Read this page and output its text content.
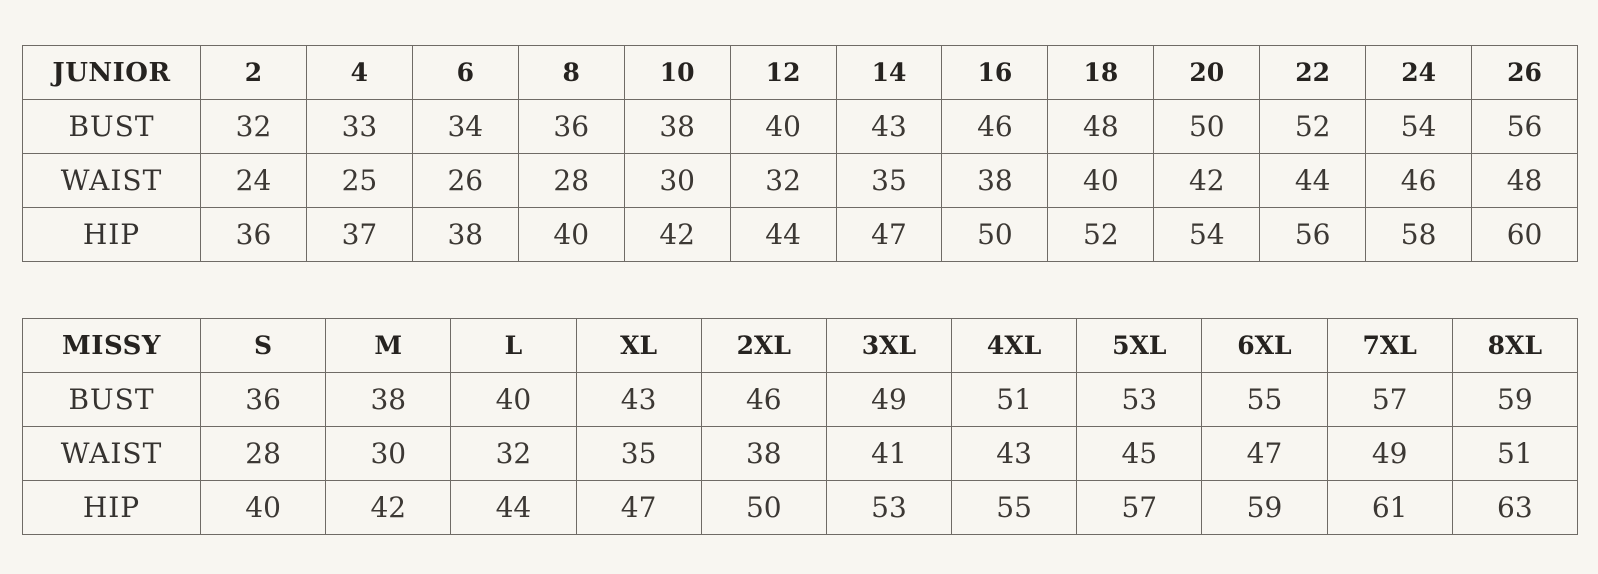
JUNIOR	2	4	6	8	10	12	14	16	18	20	22	24	26
BUST	32	33	34	36	38	40	43	46	48	50	52	54	56
WAIST	24	25	26	28	30	32	35	38	40	42	44	46	48
HIP	36	37	38	40	42	44	47	50	52	54	56	58	60
MISSY	S	M	L	XL	2XL	3XL	4XL	5XL	6XL	7XL	8XL
BUST	36	38	40	43	46	49	51	53	55	57	59
WAIST	28	30	32	35	38	41	43	45	47	49	51
HIP	40	42	44	47	50	53	55	57	59	61	63
